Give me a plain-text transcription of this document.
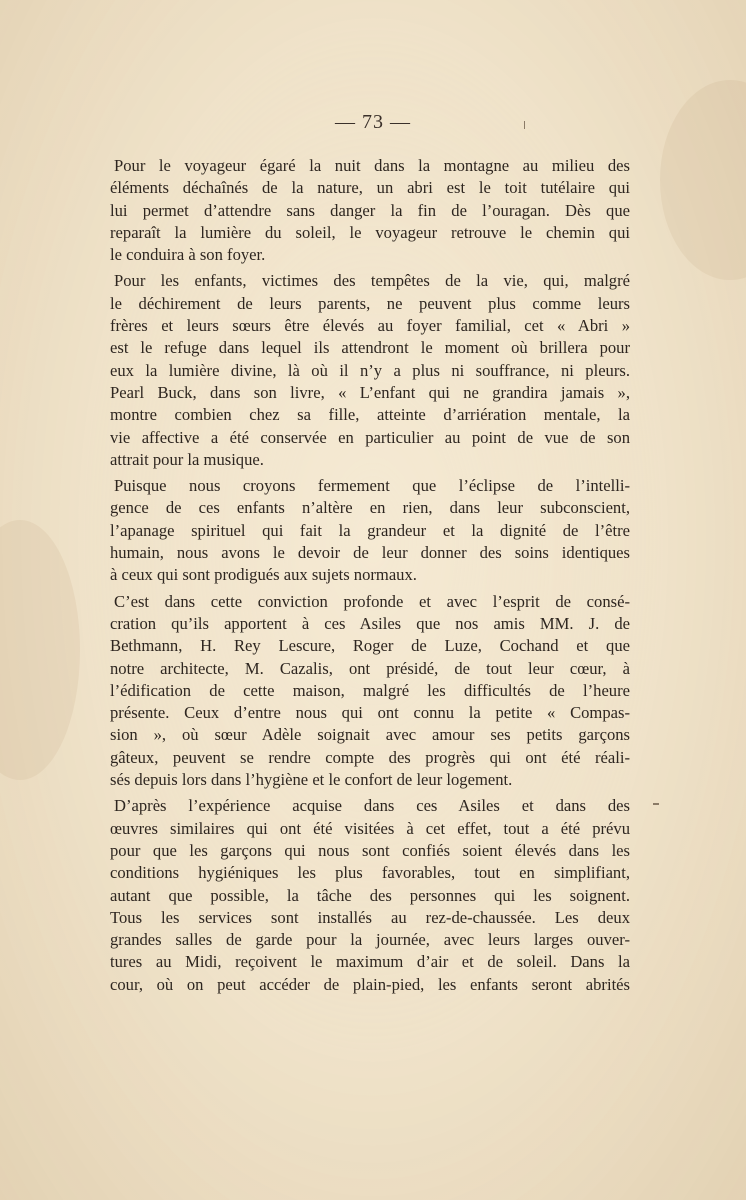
— 73 —

Pour le voyageur égaré la nuit dans la montagne au milieu des
éléments déchaînés de la nature, un abri est le toit tutélaire qui
lui permet d’attendre sans danger la fin de l’ouragan. Dès que
reparaît la lumière du soleil, le voyageur retrouve le chemin qui
le conduira à son foyer.

Pour les enfants, victimes des tempêtes de la vie, qui, malgré
le déchirement de leurs parents, ne peuvent plus comme leurs
frères et leurs sœurs être élevés au foyer familial, cet « Abri »
est le refuge dans lequel ils attendront le moment où brillera pour
eux la lumière divine, là où il n’y a plus ni souffrance, ni pleurs.
Pearl Buck, dans son livre, « L’enfant qui ne grandira jamais »,
montre combien chez sa fille, atteinte d’arriération mentale, la
vie affective a été conservée en particulier au point de vue de son
attrait pour la musique.

Puisque nous croyons fermement que l’éclipse de l’intelli-
gence de ces enfants n’altère en rien, dans leur subconscient,
l’apanage spirituel qui fait la grandeur et la dignité de l’être
humain, nous avons le devoir de leur donner des soins identiques
à ceux qui sont prodigués aux sujets normaux.

C’est dans cette conviction profonde et avec l’esprit de consé-
cration qu’ils apportent à ces Asiles que nos amis MM. J. de
Bethmann, H. Rey Lescure, Roger de Luze, Cochand et que
notre architecte, M. Cazalis, ont présidé, de tout leur cœur, à
l’édification de cette maison, malgré les difficultés de l’heure
présente. Ceux d’entre nous qui ont connu la petite « Compas-
sion », où sœur Adèle soignait avec amour ses petits garçons
gâteux, peuvent se rendre compte des progrès qui ont été réali-
sés depuis lors dans l’hygiène et le confort de leur logement.

D’après l’expérience acquise dans ces Asiles et dans des
œuvres similaires qui ont été visitées à cet effet, tout a été prévu
pour que les garçons qui nous sont confiés soient élevés dans les
conditions hygiéniques les plus favorables, tout en simplifiant,
autant que possible, la tâche des personnes qui les soignent.
Tous les services sont installés au rez-de-chaussée. Les deux
grandes salles de garde pour la journée, avec leurs larges ouver-
tures au Midi, reçoivent le maximum d’air et de soleil. Dans la
cour, où on peut accéder de plain-pied, les enfants seront abrités
